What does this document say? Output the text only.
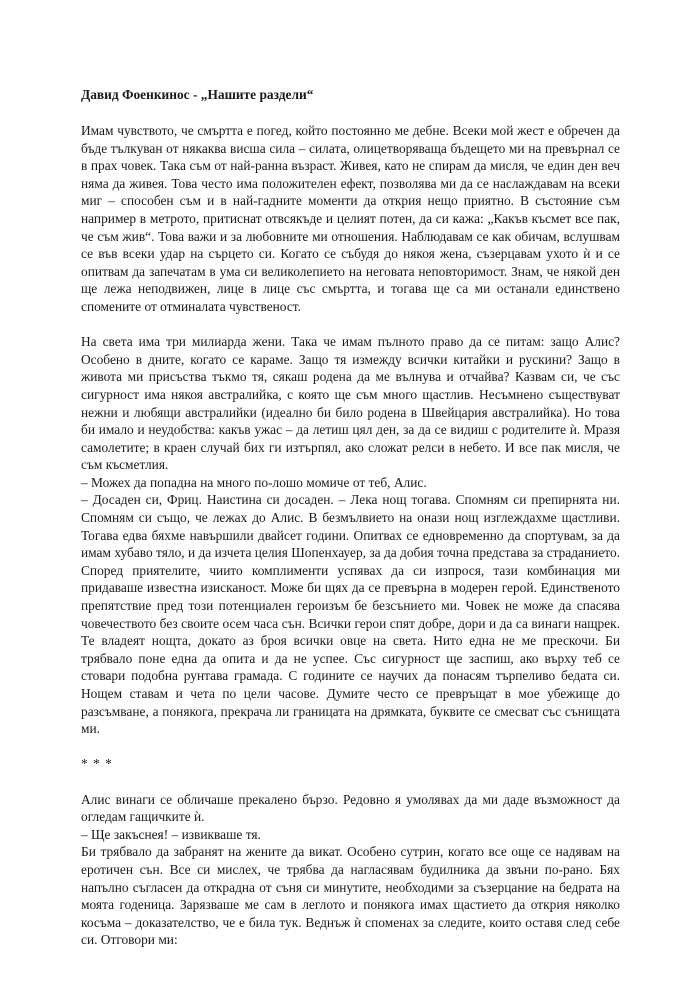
Давид Фоенкинос - „Нашите раздели“

Имам чувството, че смъртта е погед, който постоянно ме дебне. Всеки мой жест е обречен да бъде тълкуван от някаква висша сила – силата, олицетворяваща бъдещето ми на превърнал се в прах човек. Така съм от най-ранна възраст. Живея, като не спирам да мисля, че един ден веч няма да живея. Това често има положителен ефект, позволява ми да се наслаждавам на всеки миг – способен съм и в най-гадните моменти да открия нещо приятно. В състояние съм например в метрото, притиснат отвсякъде и целият потен, да си кажа: „Какъв късмет все пак, че съм жив“. Това важи и за любовните ми отношения. Наблюдавам се как обичам, вслушвам се във всеки удар на сърцето си. Когато се събудя до някоя жена, съзерцавам ухото ѝ и се опитвам да запечатам в ума си великолепието на неговата неповторимост. Знам, че някой ден ще лежа неподвижен, лице в лице със смъртта, и тогава ще са ми останали единствено спомените от отминалата чувственост.

На света има три милиарда жени. Така че имам пълното право да се питам: защо Алис? Особено в дните, когато се караме. Защо тя измежду всички китайки и рускини? Защо в живота ми присъства тъкмо тя, сякаш родена да ме вълнува и отчайва? Казвам си, че със сигурност има някоя австралийка, с която ще съм много щастлив. Несъмнено съществуват нежни и любящи австралийки (идеално би било родена в Швейцария австралийка). Но това би имало и неудобства: какъв ужас – да летиш цял ден, за да се видиш с родителите ѝ. Мразя самолетите; в краен случай бих ги изтърпял, ако сложат релси в небето. И все пак мисля, че съм късметлия.

– Можех да попадна на много по-лошо момиче от теб, Алис.

– Досаден си, Фриц. Наистина си досаден. – Лека нощ тогава. Спомням си препирнята ни. Спомням си също, че лежах до Алис. В безмълвието на онази нощ изглеждахме щастливи. Тогава едва бяхме навършили двайсет години. Опитвах се едновременно да спортувам, за да имам хубаво тяло, и да изчета целия Шопенхауер, за да добия точна представа за страданието. Според приятелите, чиито комплименти успявах да си изпрося, тази комбинация ми придаваше известна изисканост. Може би щях да се превърна в модерен герой. Единственото препятствие пред този потенциален героизъм бе безсънието ми. Човек не може да спасява човечеството без своите осем часа сън. Всички герои спят добре, дори и да са винаги нащрек. Те владеят нощта, докато аз броя всички овце на света. Нито една не ме прескочи. Би трябвало поне една да опита и да не успее. Със сигурност ще заспиш, ако върху теб се стовари подобна рунтава грамада. С годините се научих да понасям търпеливо бедата си. Нощем ставам и чета по цели часове. Думите често се превръщат в мое убежище до разсъмване, а понякога, прекрача ли границата на дрямката, буквите се смесват със сънищата ми.

* * *

Алис винаги се обличаше прекалено бързо. Редовно я умолявах да ми даде възможност да огледам гащичките ѝ.

– Ще закъснея! – извикваше тя.

Би трябвало да забранят на жените да викат. Особено сутрин, когато все още се надявам на еротичен сън. Все си мислех, че трябва да нагласявам будилника да звъни по-рано. Бях напълно съгласен да открадна от съня си минутите, необходими за съзерцание на бедрата на моята годеница. Зарязваше ме сам в леглото и понякога имах щастието да открия няколко косъма – доказателство, че е била тук. Веднъж ѝ споменах за следите, които оставя след себе си. Отговори ми:
